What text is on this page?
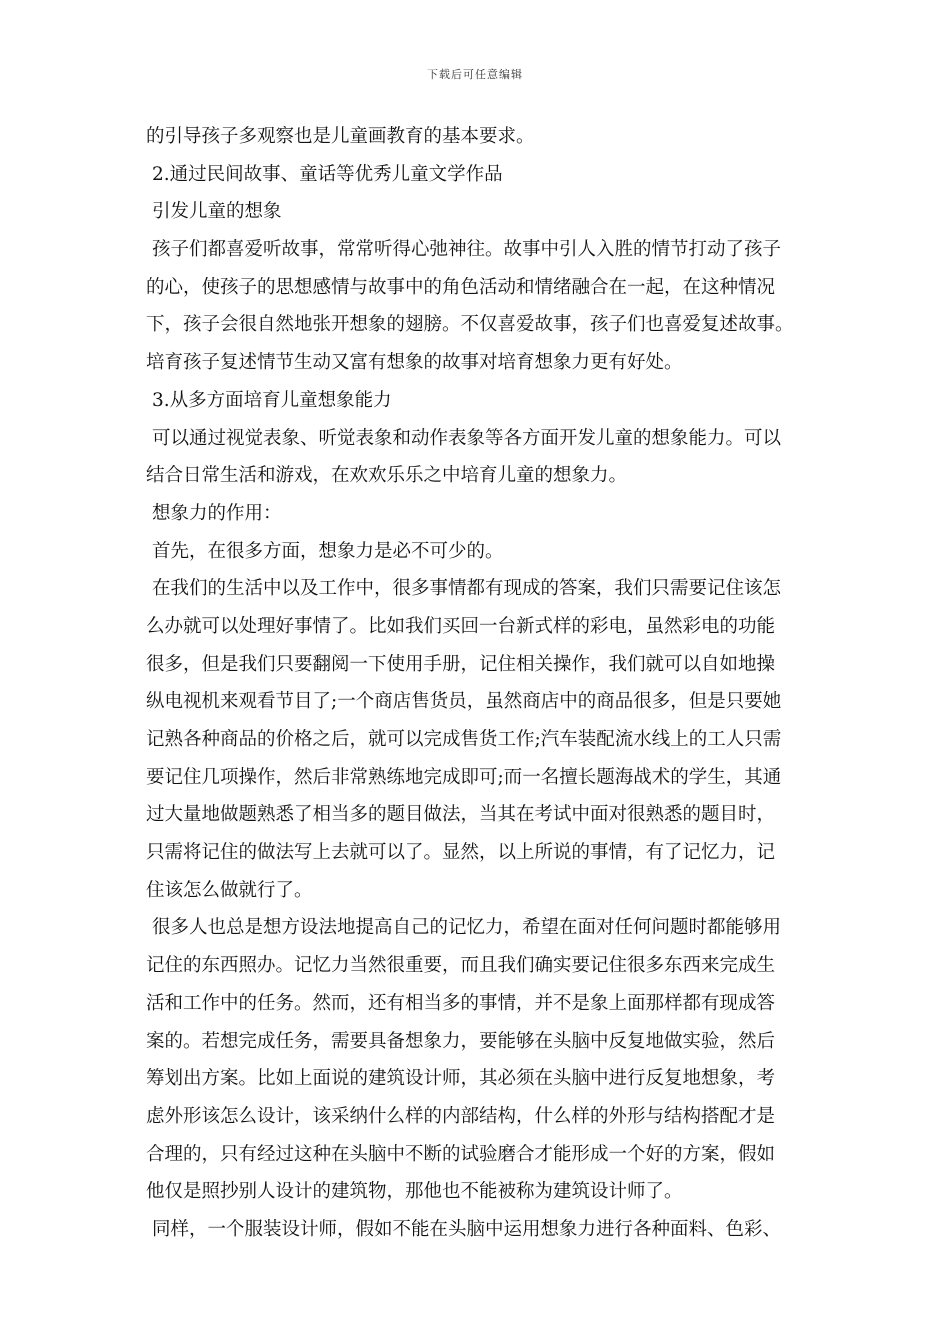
下载后可任意编辑
的引导孩子多观察也是儿童画教育的基本要求。
2.通过民间故事、童话等优秀儿童文学作品
引发儿童的想象
孩子们都喜爱听故事，常常听得心弛神往。故事中引人入胜的情节打动了孩子
的心，使孩子的思想感情与故事中的角色活动和情绪融合在一起，在这种情况
下，孩子会很自然地张开想象的翅膀。不仅喜爱故事，孩子们也喜爱复述故事。
培育孩子复述情节生动又富有想象的故事对培育想象力更有好处。
3.从多方面培育儿童想象能力
可以通过视觉表象、听觉表象和动作表象等各方面开发儿童的想象能力。可以
结合日常生活和游戏，在欢欢乐乐之中培育儿童的想象力。
想象力的作用：
首先，在很多方面，想象力是必不可少的。
在我们的生活中以及工作中，很多事情都有现成的答案，我们只需要记住该怎
么办就可以处理好事情了。比如我们买回一台新式样的彩电，虽然彩电的功能
很多，但是我们只要翻阅一下使用手册，记住相关操作，我们就可以自如地操
纵电视机来观看节目了;一个商店售货员，虽然商店中的商品很多，但是只要她
记熟各种商品的价格之后，就可以完成售货工作;汽车装配流水线上的工人只需
要记住几项操作，然后非常熟练地完成即可;而一名擅长题海战术的学生，其通
过大量地做题熟悉了相当多的题目做法，当其在考试中面对很熟悉的题目时，
只需将记住的做法写上去就可以了。显然，以上所说的事情，有了记忆力，记
住该怎么做就行了。
很多人也总是想方设法地提高自己的记忆力，希望在面对任何问题时都能够用
记住的东西照办。记忆力当然很重要，而且我们确实要记住很多东西来完成生
活和工作中的任务。然而，还有相当多的事情，并不是象上面那样都有现成答
案的。若想完成任务，需要具备想象力，要能够在头脑中反复地做实验，然后
筹划出方案。比如上面说的建筑设计师，其必须在头脑中进行反复地想象，考
虑外形该怎么设计，该采纳什么样的内部结构，什么样的外形与结构搭配才是
合理的，只有经过这种在头脑中不断的试验磨合才能形成一个好的方案，假如
他仅是照抄别人设计的建筑物，那他也不能被称为建筑设计师了。
同样，一个服装设计师，假如不能在头脑中运用想象力进行各种面料、色彩、
